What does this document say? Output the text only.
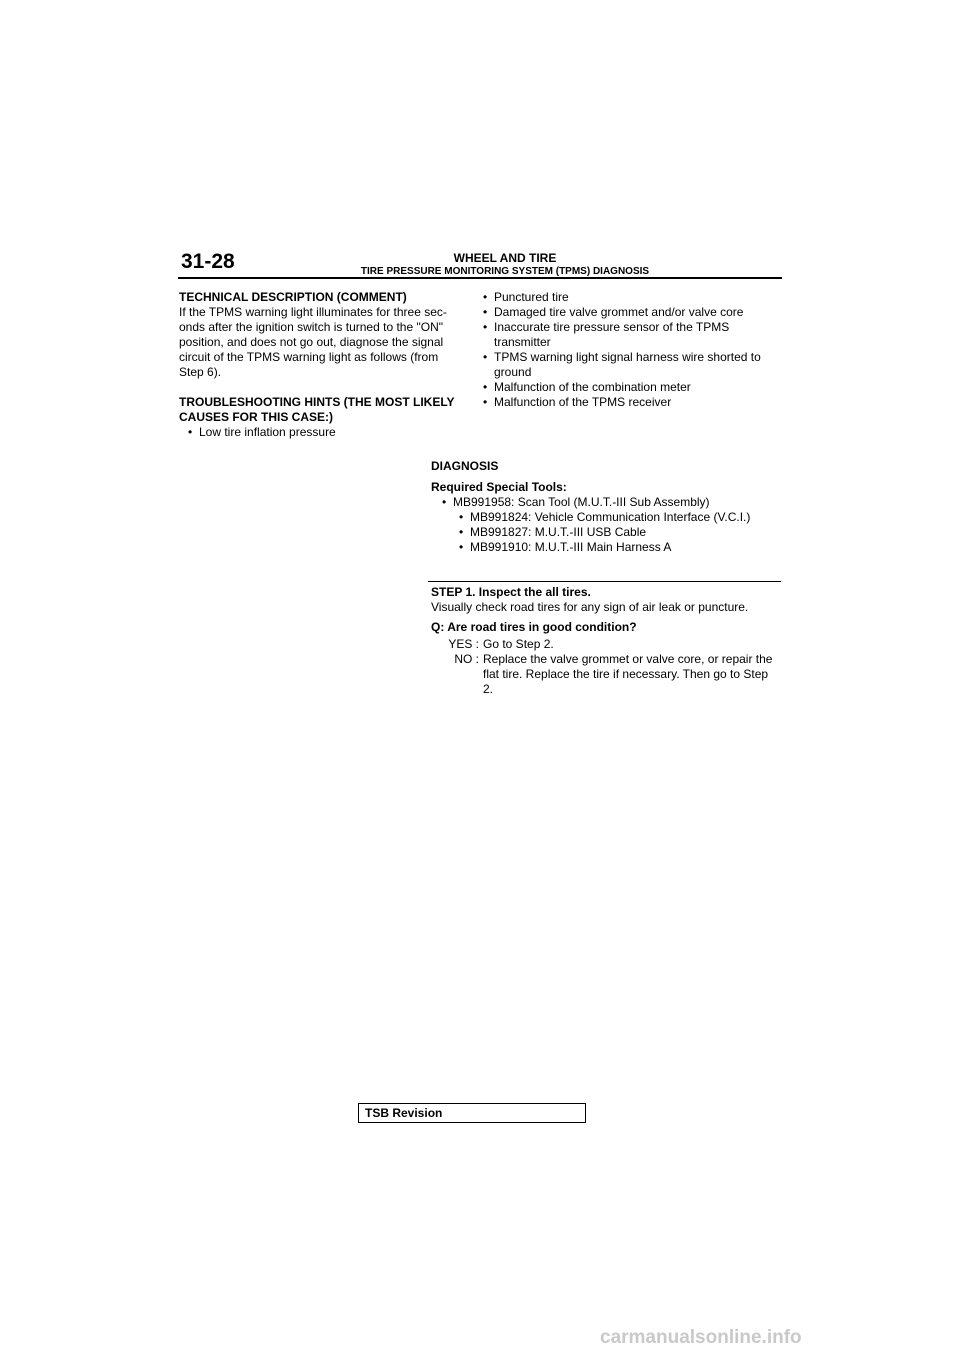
31-28	WHEEL AND TIRE
TIRE PRESSURE MONITORING SYSTEM (TPMS) DIAGNOSIS
TECHNICAL DESCRIPTION (COMMENT)
If the TPMS warning light illuminates for three sec-
onds after the ignition switch is turned to the "ON"
position, and does not go out, diagnose the signal
circuit of the TPMS warning light as follows (from
Step 6).
TROUBLESHOOTING HINTS (THE MOST LIKELY
CAUSES FOR THIS CASE:)
• Low tire inflation pressure
• Punctured tire
• Damaged tire valve grommet and/or valve core
• Inaccurate tire pressure sensor of the TPMS transmitter
• TPMS warning light signal harness wire shorted to ground
• Malfunction of the combination meter
• Malfunction of the TPMS receiver
DIAGNOSIS
Required Special Tools:
• MB991958: Scan Tool (M.U.T.-III Sub Assembly)
• MB991824: Vehicle Communication Interface (V.C.I.)
• MB991827: M.U.T.-III USB Cable
• MB991910: M.U.T.-III Main Harness A
STEP 1. Inspect the all tires.
Visually check road tires for any sign of air leak or puncture.
Q: Are road tires in good condition?
YES : Go to Step 2.
NO : Replace the valve grommet or valve core, or repair the flat tire. Replace the tire if necessary. Then go to Step 2.
TSB Revision
carmanualsonline.info
